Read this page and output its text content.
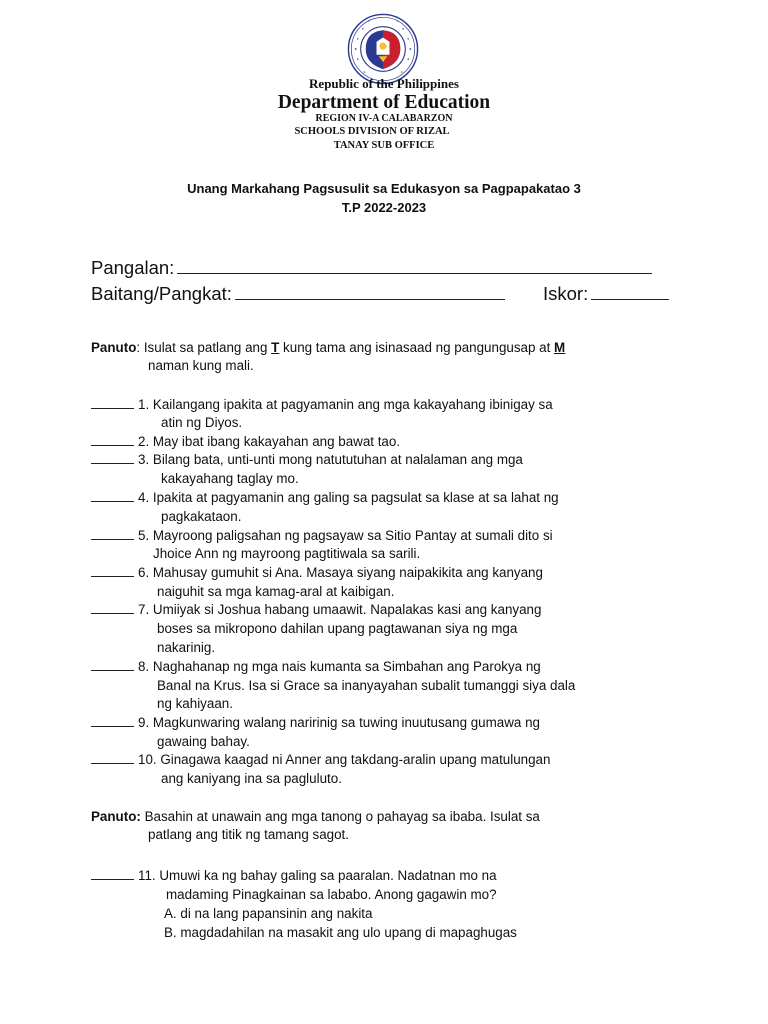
Republic of the Philippines
Department of Education
REGION IV-A CALABARZON
SCHOOLS DIVISION OF RIZAL
TANAY SUB OFFICE
Unang Markahang Pagsusulit sa Edukasyon sa Pagpapakatao 3
T.P 2022-2023
Pangalan:
Baitang/Pangkat:	Iskor:
Panuto: Isulat sa patlang ang T kung tama ang isinasaad ng pangungusap at M
naman kung mali.
1. Kailangang ipakita at pagyamanin ang mga kakayahang ibinigay sa
atin ng Diyos.
2. May ibat ibang kakayahan ang bawat tao.
3. Bilang bata, unti-unti mong natututuhan at nalalaman ang mga
kakayahang taglay mo.
4. Ipakita at pagyamanin ang galing sa pagsulat sa klase at sa lahat ng
pagkakataon.
5. Mayroong paligsahan ng pagsayaw sa Sitio Pantay at sumali dito si
Jhoice Ann ng mayroong pagtitiwala sa sarili.
6. Mahusay gumuhit si Ana. Masaya siyang naipakikita ang kanyang
naiguhit sa mga kamag-aral at kaibigan.
7. Umiiyak si Joshua habang umaawit. Napalakas kasi ang kanyang
boses sa mikropono dahilan upang pagtawanan siya ng mga
nakarinig.
8. Naghahanap ng mga nais kumanta sa Simbahan ang Parokya ng
Banal na Krus. Isa si Grace sa inanyayahan subalit tumanggi siya dala
ng kahiyaan.
9. Magkunwaring walang naririnig sa tuwing inuutusang gumawa ng
gawaing bahay.
10. Ginagawa kaagad ni Anner ang takdang-aralin upang matulungan
ang kaniyang ina sa pagluluto.
Panuto: Basahin at unawain ang mga tanong o pahayag sa ibaba. Isulat sa
patlang ang titik ng tamang sagot.
11. Umuwi ka ng bahay galing sa paaralan. Nadatnan mo na
madaming Pinagkainan sa lababo. Anong gagawin mo?
A. di na lang papansinin ang nakita
B. magdadahilan na masakit ang ulo upang di mapaghugas
